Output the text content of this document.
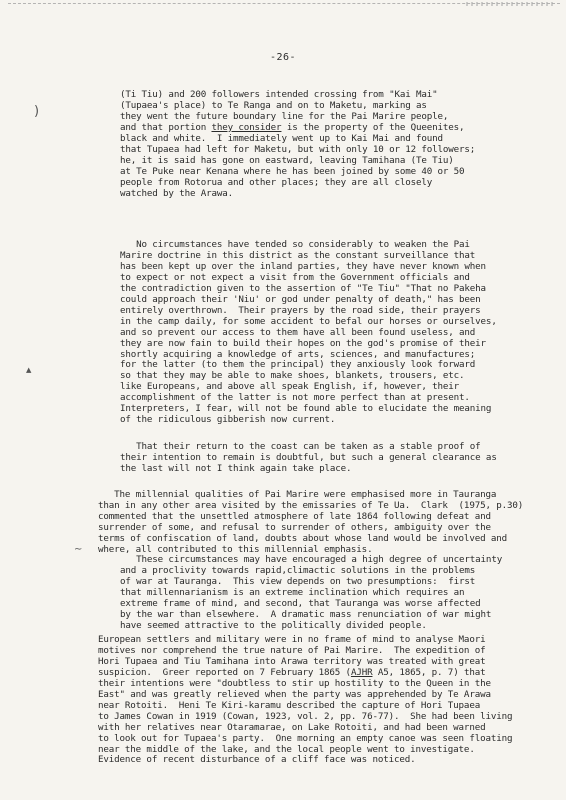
-26-
)
▲
∼
(Ti Tiu) and 200 followers intended crossing from "Kai Mai"
(Tupaea's place) to Te Ranga and on to Maketu, marking as
they went the future boundary line for the Pai Marire people,
and that portion they consider is the property of the Queenites,
black and white.  I immediately went up to Kai Mai and found
that Tupaea had left for Maketu, but with only 10 or 12 followers;
he, it is said has gone on eastward, leaving Tamihana (Te Tiu)
at Te Puke near Kenana where he has been joined by some 40 or 50
people from Rotorua and other places; they are all closely
watched by the Arawa.
No circumstances have tended so considerably to weaken the Pai
Marire doctrine in this district as the constant surveillance that
has been kept up over the inland parties, they have never known when
to expect or not expect a visit from the Government officials and
the contradiction given to the assertion of "Te Tiu" "That no Pakeha
could approach their 'Niu' or god under penalty of death," has been
entirely overthrown.  Their prayers by the road side, their prayers
in the camp daily, for some accident to befal our horses or ourselves,
and so prevent our access to them have all been found useless, and
they are now fain to build their hopes on the god's promise of their
shortly acquiring a knowledge of arts, sciences, and manufactures;
for the latter (to them the principal) they anxiously look forward
so that they may be able to make shoes, blankets, trousers, etc.
like Europeans, and above all speak English, if, however, their
accomplishment of the latter is not more perfect than at present.
Interpreters, I fear, will not be found able to elucidate the meaning
of the ridiculous gibberish now current.
That their return to the coast can be taken as a stable proof of
their intention to remain is doubtful, but such a general clearance as
the last will not I think again take place.
The millennial qualities of Pai Marire were emphasised more in Tauranga
than in any other area visited by the emissaries of Te Ua.  Clark  (1975, p.30)
commented that the unsettled atmosphere of late 1864 following defeat and
surrender of some, and refusal to surrender of others, ambiguity over the
terms of confiscation of land, doubts about whose land would be involved and
where, all contributed to this millennial emphasis.
These circumstances may have encouraged a high degree of uncertainty
and a proclivity towards rapid,climactic solutions in the problems
of war at Tauranga.  This view depends on two presumptions:  first
that millennarianism is an extreme inclination which requires an
extreme frame of mind, and second, that Tauranga was worse affected
by the war than elsewhere.  A dramatic mass renunciation of war might
have seemed attractive to the politically divided people.
European settlers and military were in no frame of mind to analyse Maori
motives nor comprehend the true nature of Pai Marire.  The expedition of
Hori Tupaea and Tiu Tamihana into Arawa territory was treated with great
suspicion.  Greer reported on 7 February 1865 (AJHR A5, 1865, p. 7) that
their intentions were "doubtless to stir up hostility to the Queen in the
East" and was greatly relieved when the party was apprehended by Te Arawa
near Rotoiti.  Heni Te Kiri-karamu described the capture of Hori Tupaea
to James Cowan in 1919 (Cowan, 1923, vol. 2, pp. 76-77).  She had been living
with her relatives near Otaramarae, on Lake Rotoiti, and had been warned
to look out for Tupaea's party.  One morning an empty canoe was seen floating
near the middle of the lake, and the local people went to investigate.
Evidence of recent disturbance of a cliff face was noticed.
